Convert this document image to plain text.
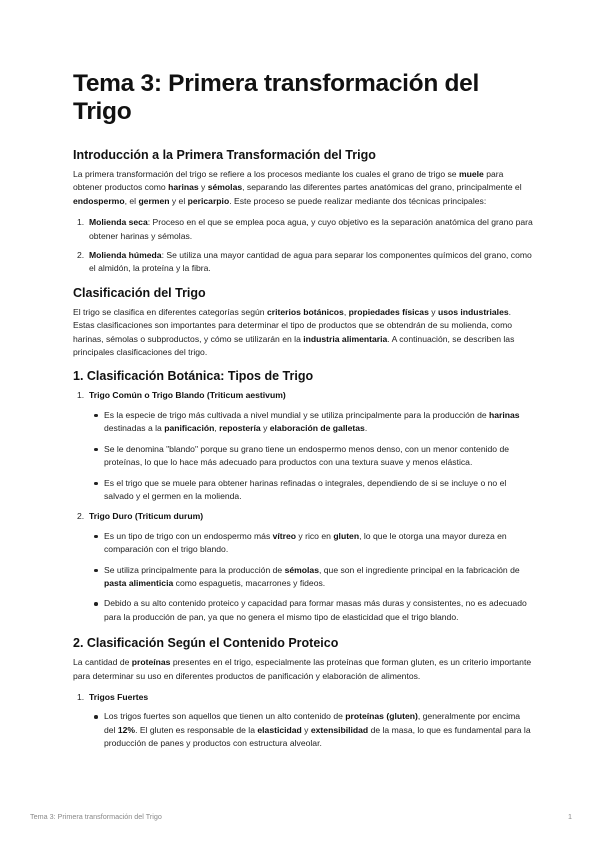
Tema 3: Primera transformación del Trigo
Introducción a la Primera Transformación del Trigo

La primera transformación del trigo se refiere a los procesos mediante los cuales el grano de trigo se muele para obtener productos como harinas y sémolas, separando las diferentes partes anatómicas del grano, principalmente el endospermo, el germen y el pericarpio. Este proceso se puede realizar mediante dos técnicas principales:

1. Molienda seca: Proceso en el que se emplea poca agua, y cuyo objetivo es la separación anatómica del grano para obtener harinas y sémolas.
2. Molienda húmeda: Se utiliza una mayor cantidad de agua para separar los componentes químicos del grano, como el almidón, la proteína y la fibra.
Clasificación del Trigo

El trigo se clasifica en diferentes categorías según criterios botánicos, propiedades físicas y usos industriales. Estas clasificaciones son importantes para determinar el tipo de productos que se obtendrán de su molienda, como harinas, sémolas o subproductos, y cómo se utilizarán en la industria alimentaria. A continuación, se describen las principales clasificaciones del trigo.

1. Clasificación Botánica: Tipos de Trigo
1. Trigo Común o Trigo Blando (Triticum aestivum)
Es la especie de trigo más cultivada a nivel mundial y se utiliza principalmente para la producción de harinas destinadas a la panificación, repostería y elaboración de galletas.
Se le denomina "blando" porque su grano tiene un endospermo menos denso, con un menor contenido de proteínas, lo que lo hace más adecuado para productos con una textura suave y menos elástica.
Es el trigo que se muele para obtener harinas refinadas o integrales, dependiendo de si se incluye o no el salvado y el germen en la molienda.
2. Trigo Duro (Triticum durum)
Es un tipo de trigo con un endospermo más vítreo y rico en gluten, lo que le otorga una mayor dureza en comparación con el trigo blando.
Se utiliza principalmente para la producción de sémolas, que son el ingrediente principal en la fabricación de pasta alimenticia como espaguetis, macarrones y fideos.
Debido a su alto contenido proteico y capacidad para formar masas más duras y consistentes, no es adecuado para la producción de pan, ya que no genera el mismo tipo de elasticidad que el trigo blando.
2. Clasificación Según el Contenido Proteico

La cantidad de proteínas presentes en el trigo, especialmente las proteínas que forman gluten, es un criterio importante para determinar su uso en diferentes productos de panificación y elaboración de alimentos.

1. Trigos Fuertes
Los trigos fuertes son aquellos que tienen un alto contenido de proteínas (gluten), generalmente por encima del 12%. El gluten es responsable de la elasticidad y extensibilidad de la masa, lo que es fundamental para la producción de panes y productos con estructura alveolar.
Tema 3: Primera transformación del Trigo	1
